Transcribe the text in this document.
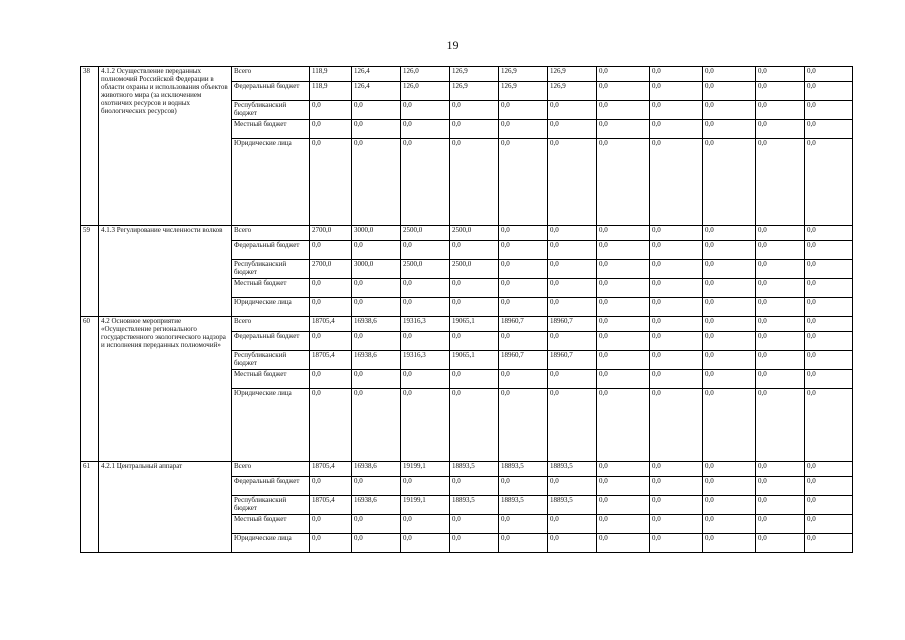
19
38	4.1.2 Осуществление переданных полномочий Российской Федерации в области охраны и использования объектов животного мира (за исключением охотничих ресурсов и водных биологических ресурсов)	Всего	118,9	126,4	126,0	126,9	126,9	126,9	0,0	0,0	0,0	0,0	0,0
		Федеральный бюджет	118,9	126,4	126,0	126,9	126,9	126,9	0,0	0,0	0,0	0,0	0,0
		Республиканский бюджет	0,0	0,0	0,0	0,0	0,0	0,0	0,0	0,0	0,0	0,0	0,0
		Местный бюджет	0,0	0,0	0,0	0,0	0,0	0,0	0,0	0,0	0,0	0,0	0,0
		Юридические лица	0,0	0,0	0,0	0,0	0,0	0,0	0,0	0,0	0,0	0,0	0,0
59	4.1.3 Регулирование численности волков	Всего	2700,0	3000,0	2500,0	2500,0	0,0	0,0	0,0	0,0	0,0	0,0	0,0
		Федеральный бюджет	0,0	0,0	0,0	0,0	0,0	0,0	0,0	0,0	0,0	0,0	0,0
		Республиканский бюджет	2700,0	3000,0	2500,0	2500,0	0,0	0,0	0,0	0,0	0,0	0,0	0,0
		Местный бюджет	0,0	0,0	0,0	0,0	0,0	0,0	0,0	0,0	0,0	0,0	0,0
		Юридические лица	0,0	0,0	0,0	0,0	0,0	0,0	0,0	0,0	0,0	0,0	0,0
60	4.2 Основное мероприятие «Осуществление регионального государственного экологического надзора и исполнения переданных полномочий»	Всего	18705,4	16938,6	19316,3	19065,1	18960,7	18960,7	0,0	0,0	0,0	0,0	0,0
		Федеральный бюджет	0,0	0,0	0,0	0,0	0,0	0,0	0,0	0,0	0,0	0,0	0,0
		Республиканский бюджет	18705,4	16938,6	19316,3	19065,1	18960,7	18960,7	0,0	0,0	0,0	0,0	0,0
		Местный бюджет	0,0	0,0	0,0	0,0	0,0	0,0	0,0	0,0	0,0	0,0	0,0
		Юридические лица	0,0	0,0	0,0	0,0	0,0	0,0	0,0	0,0	0,0	0,0	0,0
61	4.2.1 Центральный аппарат	Всего	18705,4	16938,6	19199,1	18893,5	18893,5	18893,5	0,0	0,0	0,0	0,0	0,0
		Федеральный бюджет	0,0	0,0	0,0	0,0	0,0	0,0	0,0	0,0	0,0	0,0	0,0
		Республиканский бюджет	18705,4	16938,6	19199,1	18893,5	18893,5	18893,5	0,0	0,0	0,0	0,0	0,0
		Местный бюджет	0,0	0,0	0,0	0,0	0,0	0,0	0,0	0,0	0,0	0,0	0,0
		Юридические лица	0,0	0,0	0,0	0,0	0,0	0,0	0,0	0,0	0,0	0,0	0,0
